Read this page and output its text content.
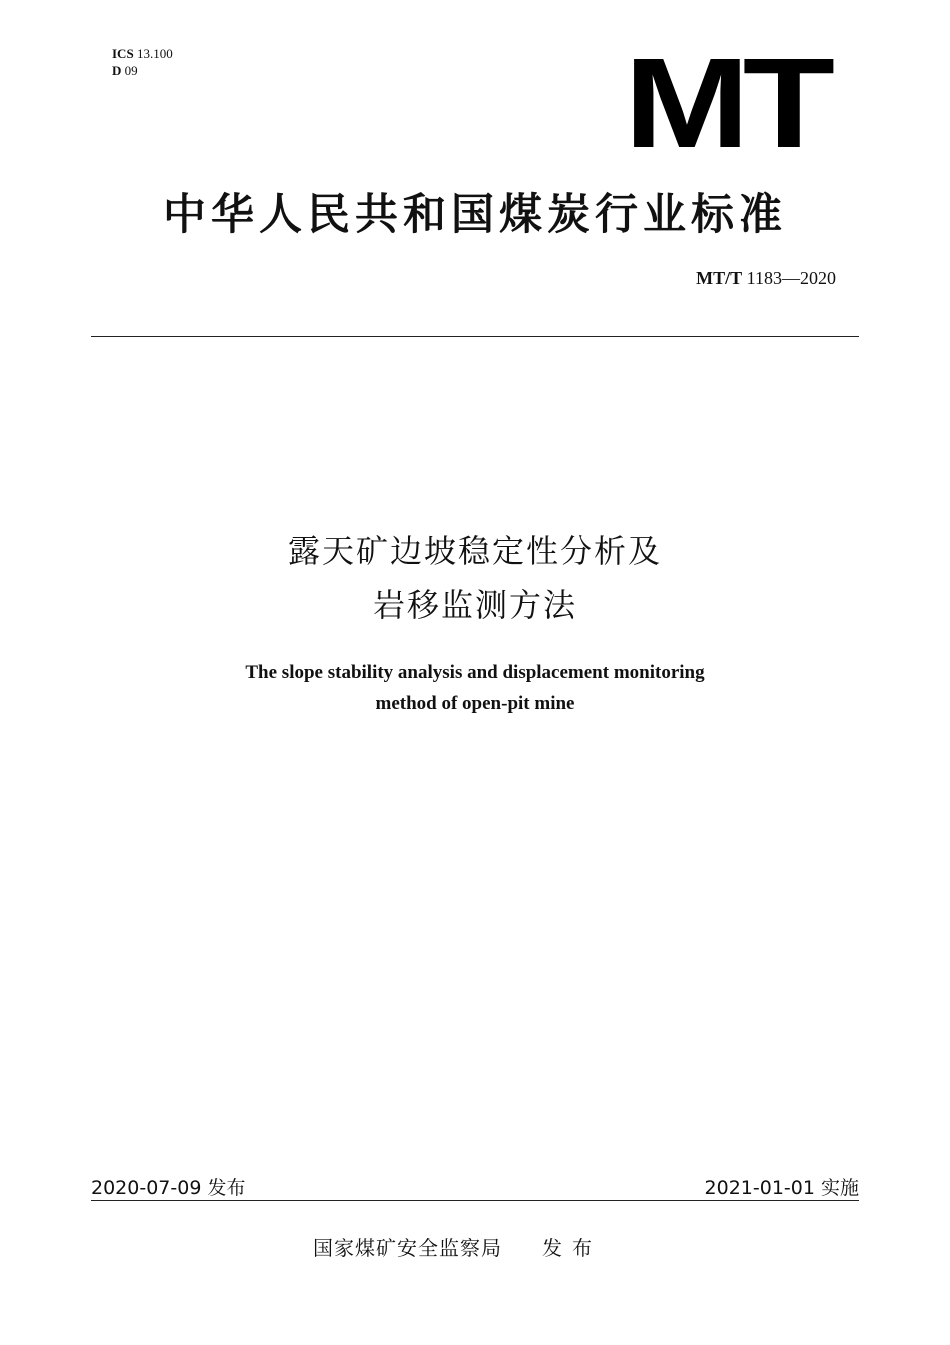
ICS 13.100
D 09	MT
中华人民共和国煤炭行业标准
MT/T 1183—2020
露天矿边坡稳定性分析及
岩移监测方法
The slope stability analysis and displacement monitoring
method of open-pit mine
2020-07-09 发布	2021-01-01 实施
国家煤矿安全监察局 发布
